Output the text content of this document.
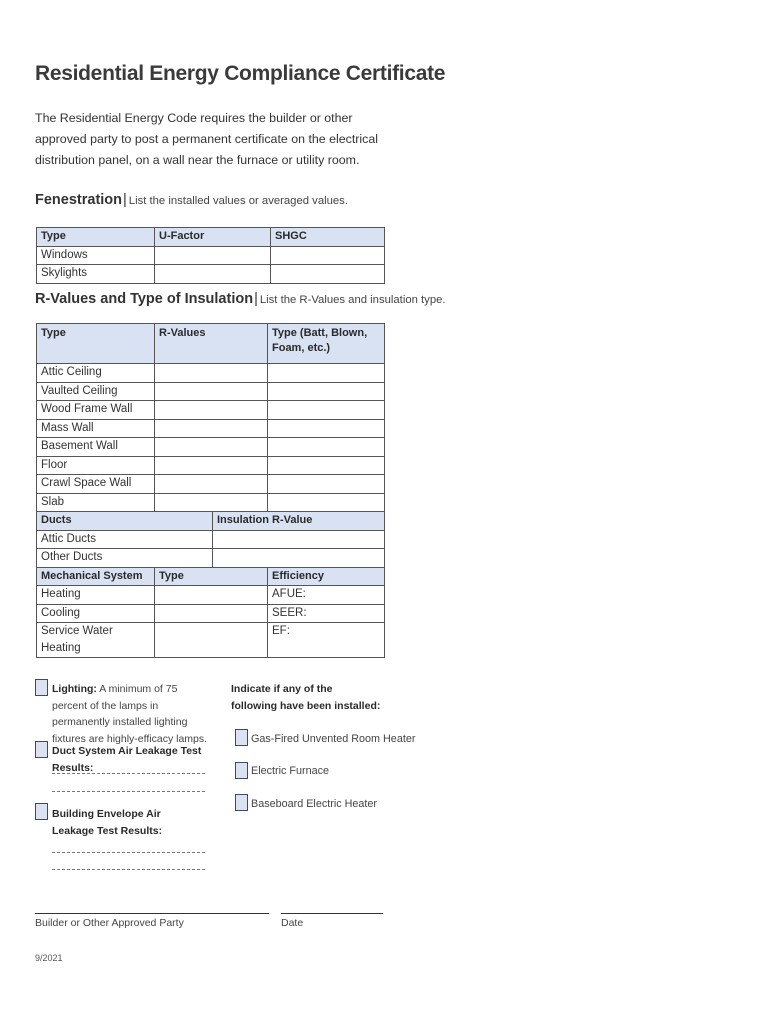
Residential Energy Compliance Certificate

The Residential Energy Code requires the builder or other approved party to post a permanent certificate on the electrical distribution panel, on a wall near the furnace or utility room.

Fenestration| List the installed values or averaged values.
Type	U-Factor	SHGC
Windows		
Skylights		
R-Values and Type of Insulation| List the R-Values and insulation type.
Type	R-Values		Type (Batt, Blown, Foam, etc.)
Attic Ceiling			
Vaulted Ceiling			
Wood Frame Wall			
Mass Wall			
Basement Wall			
Floor			
Crawl Space Wall			
Slab			
Ducts		Insulation R-Value	
Attic Ducts			
Other Ducts			
Mechanical System	Type		Efficiency
Heating			AFUE:
Cooling			SEER:
Service Water Heating			EF:
Lighting: A minimum of 75 percent of the lamps in permanently installed lighting fixtures are highly-efficacy lamps.
Duct System Air Leakage Test Results:
Building Envelope Air Leakage Test Results:
Indicate if any of the following have been installed:
Gas-Fired Unvented Room Heater
Electric Furnace
Baseboard Electric Heater
Builder or Other Approved Party	Date
9/2021
